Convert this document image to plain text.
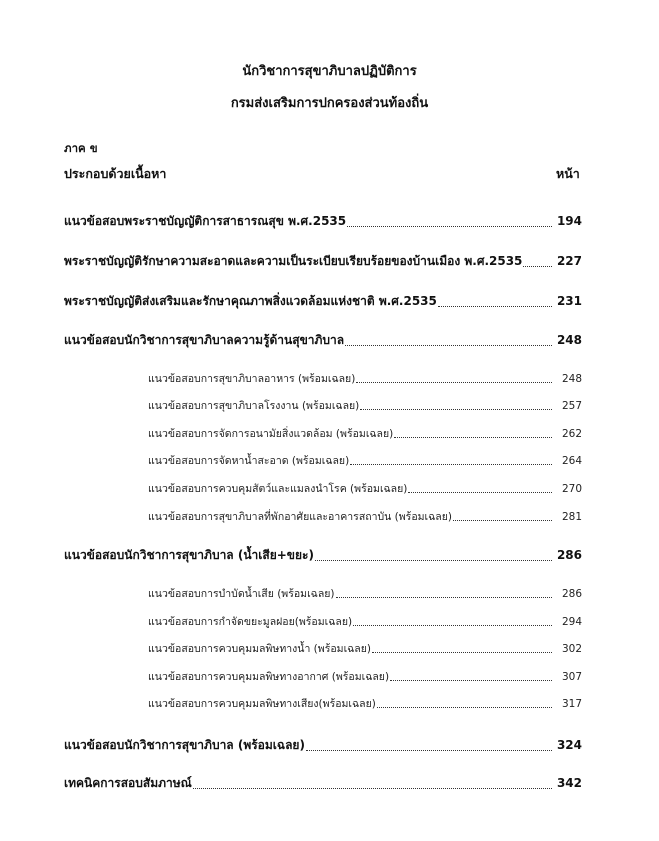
นักวิชาการสุขาภิบาลปฏิบัติการ
กรมส่งเสริมการปกครองส่วนท้องถิ่น
ภาค ข
ประกอบด้วยเนื้อหา	หน้า
แนวข้อสอบพระราชบัญญัติการสาธารณสุข พ.ศ.2535	194
พระราชบัญญัติรักษาความสะอาดและความเป็นระเบียบเรียบร้อยของบ้านเมือง พ.ศ.2535	227
พระราชบัญญัติส่งเสริมและรักษาคุณภาพสิ่งแวดล้อมแห่งชาติ พ.ศ.2535	231
แนวข้อสอบนักวิชาการสุขาภิบาลความรู้ด้านสุขาภิบาล	248
แนวข้อสอบการสุขาภิบาลอาหาร (พร้อมเฉลย)	248
แนวข้อสอบการสุขาภิบาลโรงงาน (พร้อมเฉลย)	257
แนวข้อสอบการจัดการอนามัยสิ่งแวดล้อม (พร้อมเฉลย)	262
แนวข้อสอบการจัดหาน้ำสะอาด (พร้อมเฉลย)	264
แนวข้อสอบการควบคุมสัตว์และแมลงนำโรค (พร้อมเฉลย)	270
แนวข้อสอบการสุขาภิบาลที่พักอาศัยและอาคารสถาบัน (พร้อมเฉลย)	281
แนวข้อสอบนักวิชาการสุขาภิบาล (น้ำเสีย+ขยะ)	286
แนวข้อสอบการบำบัดน้ำเสีย (พร้อมเฉลย)	286
แนวข้อสอบการกำจัดขยะมูลฝอย(พร้อมเฉลย)	294
แนวข้อสอบการควบคุมมลพิษทางน้ำ (พร้อมเฉลย)	302
แนวข้อสอบการควบคุมมลพิษทางอากาศ (พร้อมเฉลย)	307
แนวข้อสอบการควบคุมมลพิษทางเสียง(พร้อมเฉลย)	317
แนวข้อสอบนักวิชาการสุขาภิบาล (พร้อมเฉลย)	324
เทคนิคการสอบสัมภาษณ์	342
